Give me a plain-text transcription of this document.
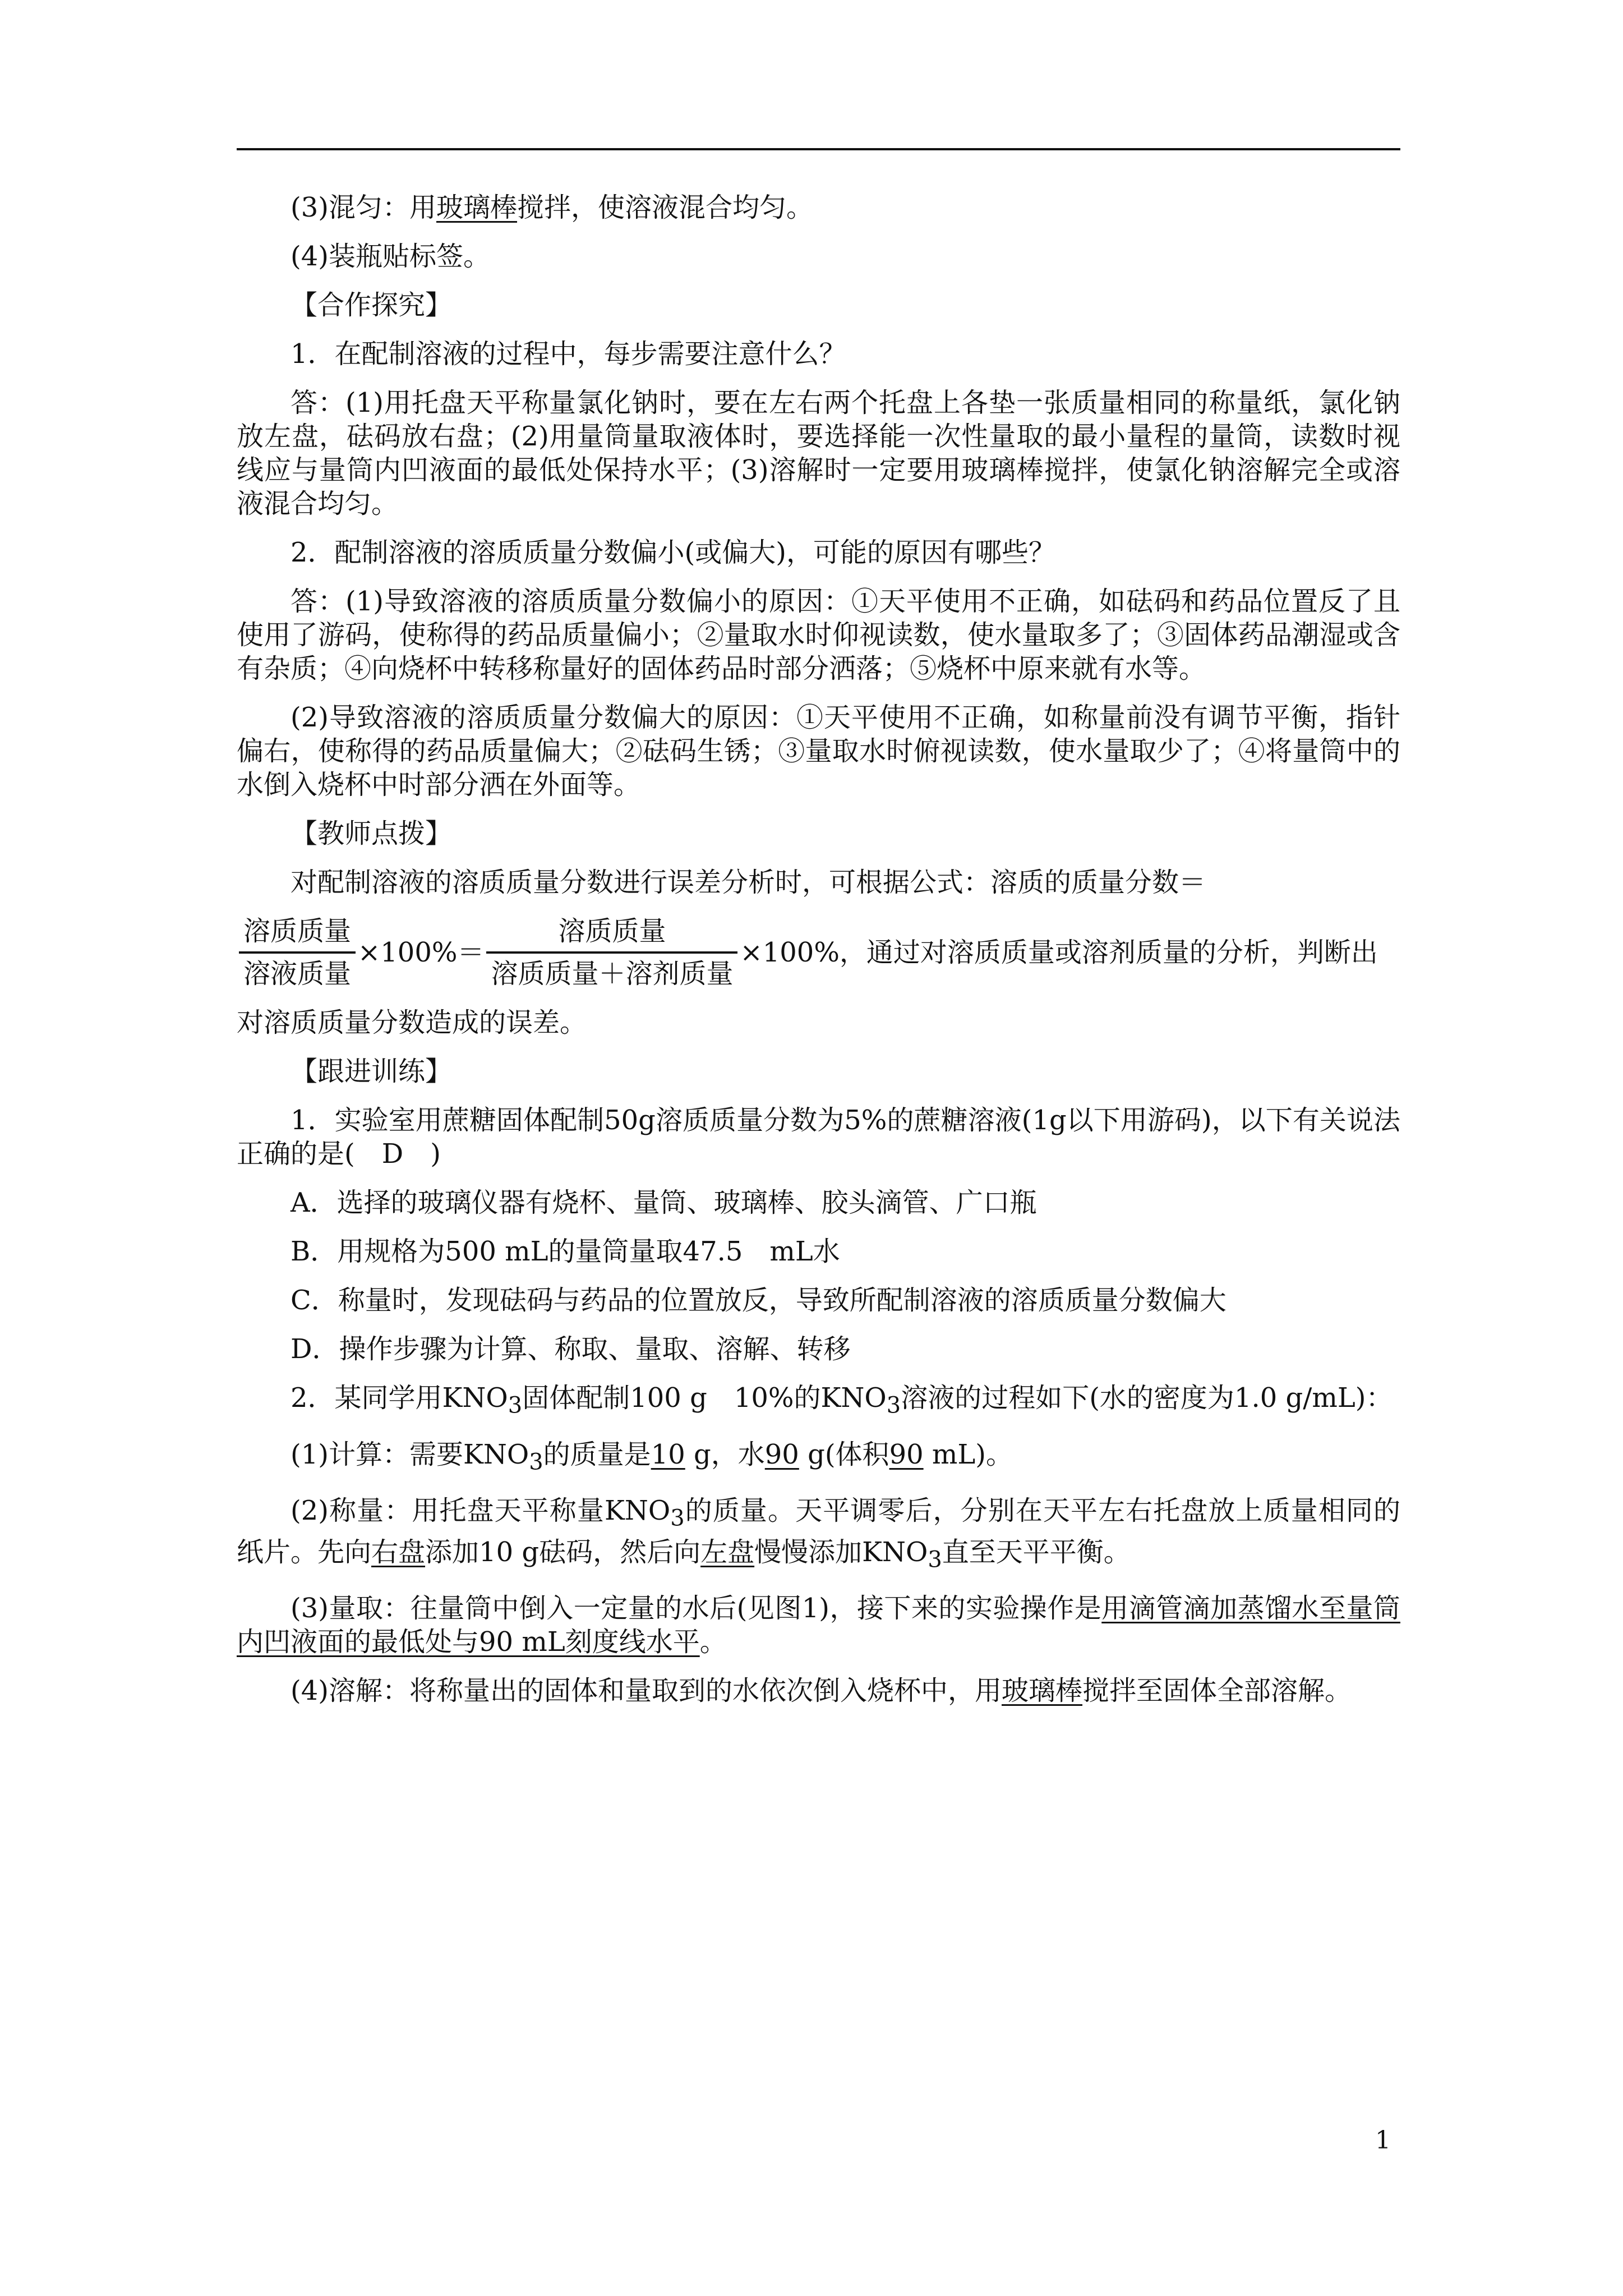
(3)混匀：用玻璃棒搅拌，使溶液混合均匀。

(4)装瓶贴标签。

【合作探究】

1．在配制溶液的过程中，每步需要注意什么？

答：(1)用托盘天平称量氯化钠时，要在左右两个托盘上各垫一张质量相同的称量纸，氯化钠放左盘，砝码放右盘；(2)用量筒量取液体时，要选择能一次性量取的最小量程的量筒，读数时视线应与量筒内凹液面的最低处保持水平；(3)溶解时一定要用玻璃棒搅拌，使氯化钠溶解完全或溶液混合均匀。

2．配制溶液的溶质质量分数偏小(或偏大)，可能的原因有哪些？

答：(1)导致溶液的溶质质量分数偏小的原因：①天平使用不正确，如砝码和药品位置反了且使用了游码，使称得的药品质量偏小；②量取水时仰视读数，使水量取多了；③固体药品潮湿或含有杂质；④向烧杯中转移称量好的固体药品时部分洒落；⑤烧杯中原来就有水等。

(2)导致溶液的溶质质量分数偏大的原因：①天平使用不正确，如称量前没有调节平衡，指针偏右，使称得的药品质量偏大；②砝码生锈；③量取水时俯视读数，使水量取少了；④将量筒中的水倒入烧杯中时部分洒在外面等。

【教师点拨】

对配制溶液的溶质质量分数进行误差分析时，可根据公式：溶质的质量分数＝

$\frac{\text{溶质质量}}{\text{溶液质量}} \times 100\%= \frac{\text{溶质质量}}{\text{溶质质量＋溶剂质量}} \times 100\%$，通过对溶质质量或溶剂质量的分析，判断出

对溶质质量分数造成的误差。

【跟进训练】

1．实验室用蔗糖固体配制50g溶质质量分数为5%的蔗糖溶液(1g以下用游码)，以下有关说法正确的是(　D　)

A．选择的玻璃仪器有烧杯、量筒、玻璃棒、胶头滴管、广口瓶

B．用规格为500 mL的量筒量取47.5　mL水

C．称量时，发现砝码与药品的位置放反，导致所配制溶液的溶质质量分数偏大

D．操作步骤为计算、称取、量取、溶解、转移

2．某同学用$KNO_3$固体配制100 g　10%的$KNO_3$溶液的过程如下(水的密度为1.0 g/mL)：

(1)计算：需要$KNO_3$的质量是10 g，水90 g(体积90 mL)。

(2)称量：用托盘天平称量$KNO_3$的质量。天平调零后，分别在天平左右托盘放上质量相同的纸片。先向右盘添加10 g砝码，然后向左盘慢慢添加$KNO_3$直至天平平衡。

(3)量取：往量筒中倒入一定量的水后(见图1)，接下来的实验操作是用滴管滴加蒸馏水至量筒内凹液面的最低处与90 mL刻度线水平。

(4)溶解：将称量出的固体和量取到的水依次倒入烧杯中，用玻璃棒搅拌至固体全部溶解。

1
